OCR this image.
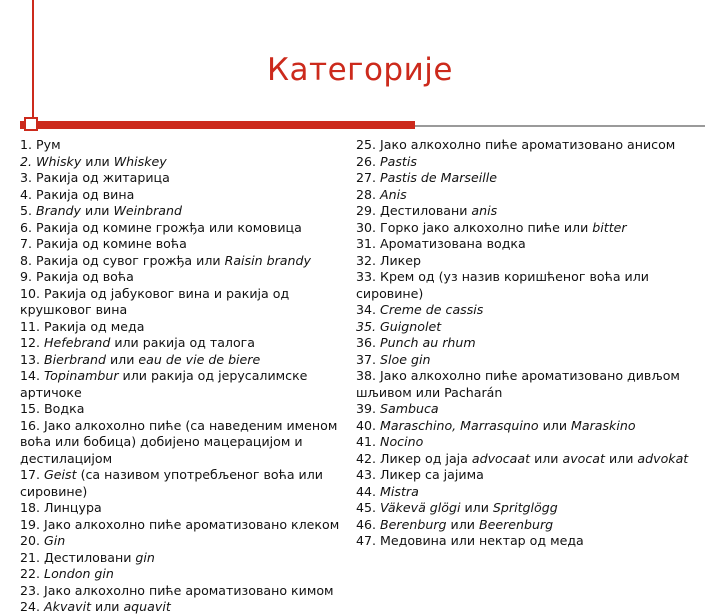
Категорије
1. Рум
2. Whisky или Whiskey
3. Ракија од житарица
4. Ракија од вина
5. Brandy или Weinbrand
6. Ракија од комине грожђа или комовица
7. Ракија од комине воћа
8. Ракија од сувог грожђа или Raisin brandy
9. Ракија од воћа
10. Ракија од јабуковог вина и ракија од крушковог вина
11. Ракија од меда
12. Hefebrand или ракија од талога
13. Bierbrand или eau de vie de biere
14. Topinambur или ракија од јерусалимске артичоке
15. Водка
16. Јако алкохолно пиће (са наведеним именом воћа или бобица) добијено мацерацијом и дестилацијом
17. Geist (са називом употребљеног воћа или сировине)
18. Линцура
19. Јако алкохолно пиће ароматизовано клеком
20. Gin
21. Дестиловани gin
22. London gin
23. Јако алкохолно пиће ароматизовано кимом
24. Akvavit или aquavit
25. Јако алкохолно пиће ароматизовано анисом
26. Pastis
27. Pastis de Marseille
28. Anis
29. Дестиловани anis
30. Горко јако алкохолно пиће или bitter
31. Ароматизована водка
32. Ликер
33. Крем од (уз назив коришћеног воћа или сировине)
34. Creme de cassis
35. Guignolet
36. Punch au rhum
37. Sloe gin
38. Јако алкохолно пиће ароматизовано дивљом шљивом или Pacharán
39. Sambuca
40. Maraschino, Marrasquino или Maraskino
41. Nocino
42. Ликер од јаја advocaat или avocat или advokat
43. Ликер са јајима
44. Mistra
45. Väkevä glögi или Spritglögg
46. Berenburg или Beerenburg
47. Медовина или нектар од меда
